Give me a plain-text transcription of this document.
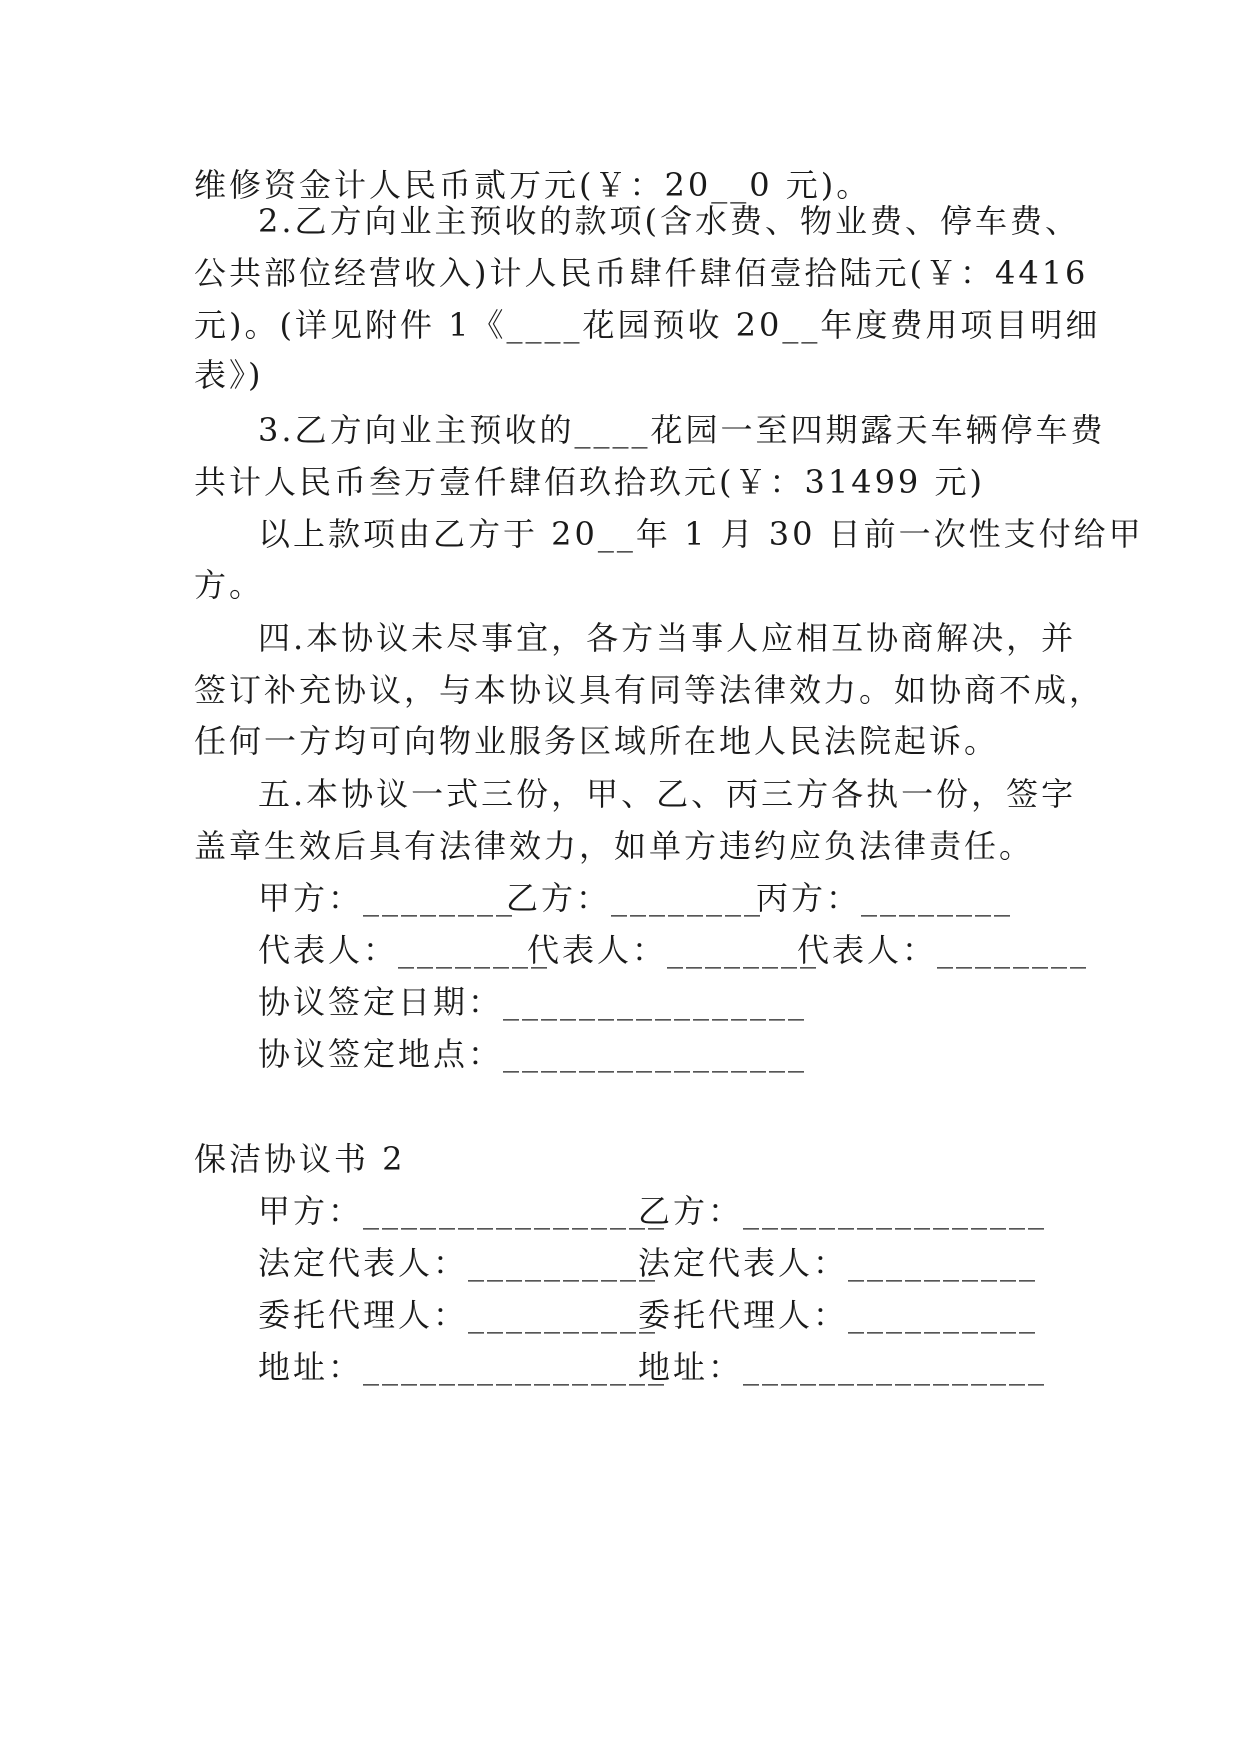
维修资金计人民币贰万元(￥：20__0 元)。
2.乙方向业主预收的款项(含水费、物业费、停车费、
公共部位经营收入)计人民币肆仟肆佰壹拾陆元(￥：4416
元)。(详见附件 1《____花园预收 20__年度费用项目明细
表》)
3.乙方向业主预收的____花园一至四期露天车辆停车费
共计人民币叁万壹仟肆佰玖拾玖元(￥：31499 元)
以上款项由乙方于 20__年 1 月 30 日前一次性支付给甲
方。
四.本协议未尽事宜，各方当事人应相互协商解决，并
签订补充协议，与本协议具有同等法律效力。如协商不成，
任何一方均可向物业服务区域所在地人民法院起诉。
五.本协议一式三份，甲、乙、丙三方各执一份，签字
盖章生效后具有法律效力，如单方违约应负法律责任。
甲方：________
乙方：________
丙方：________
代表人：________
代表人：________
代表人：________
协议签定日期：________________
协议签定地点：________________
保洁协议书 2
甲方：________________
乙方：________________
法定代表人：__________
法定代表人：__________
委托代理人：__________
委托代理人：__________
地址：________________
地址：________________
